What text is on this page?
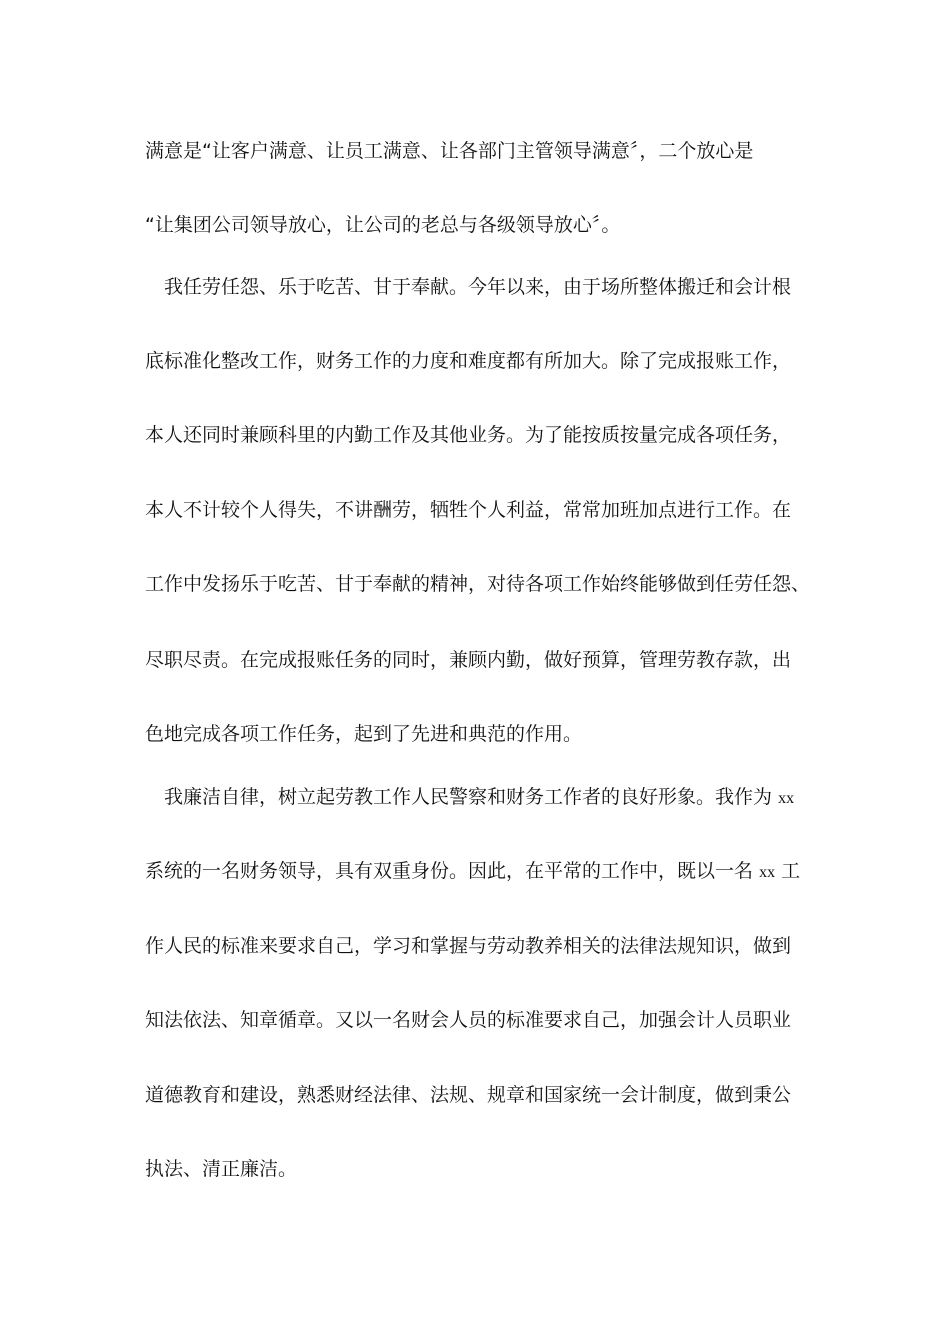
满意是“让客户满意、让员工满意、让各部门主管领导满意〞，二个放心是
“让集团公司领导放心，让公司的老总与各级领导放心〞。
　我任劳任怨、乐于吃苦、甘于奉献。今年以来，由于场所整体搬迁和会计根
底标准化整改工作，财务工作的力度和难度都有所加大。除了完成报账工作，
本人还同时兼顾科里的内勤工作及其他业务。为了能按质按量完成各项任务，
本人不计较个人得失，不讲酬劳，牺牲个人利益，常常加班加点进行工作。在
工作中发扬乐于吃苦、甘于奉献的精神，对待各项工作始终能够做到任劳任怨、
尽职尽责。在完成报账任务的同时，兼顾内勤，做好预算，管理劳教存款，出
色地完成各项工作任务，起到了先进和典范的作用。
　我廉洁自律，树立起劳教工作人民警察和财务工作者的良好形象。我作为 xx
系统的一名财务领导，具有双重身份。因此，在平常的工作中，既以一名 xx 工
作人民的标准来要求自己，学习和掌握与劳动教养相关的法律法规知识，做到
知法依法、知章循章。又以一名财会人员的标准要求自己，加强会计人员职业
道德教育和建设，熟悉财经法律、法规、规章和国家统一会计制度，做到秉公
执法、清正廉洁。
